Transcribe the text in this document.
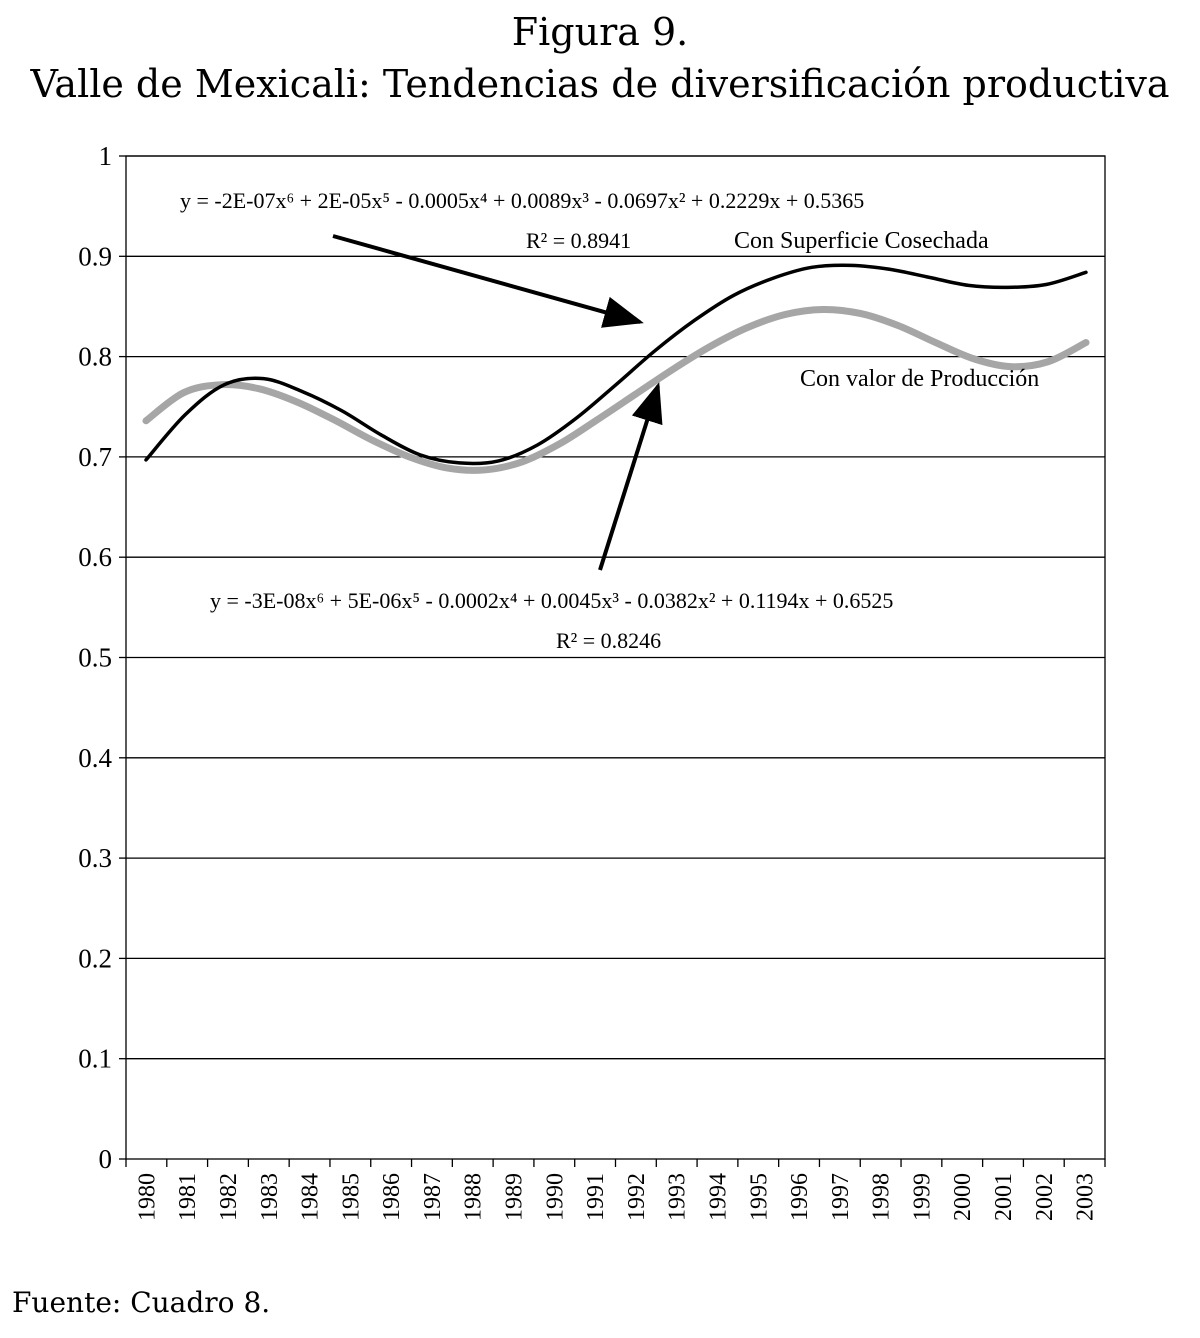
Figura 9.
Valle de Mexicali: Tendencias de diversificación productiva
0
0.1
0.2
0.3
0.4
0.5
0.6
0.7
0.8
0.9
1
1980 1981 1982 1983 1984 1985 1986 1987 1988 1989 1990 1991 1992 1993 1994 1995 1996 1997 1998 1999 2000 2001 2002 2003
y = -2E-07x⁶ + 2E-05x⁵ - 0.0005x⁴ + 0.0089x³ - 0.0697x² + 0.2229x + 0.5365
R² = 0.8941	Con Superficie Cosechada
Con valor de Producción
y = -3E-08x⁶ + 5E-06x⁵ - 0.0002x⁴ + 0.0045x³ - 0.0382x² + 0.1194x + 0.6525
R² = 0.8246
Fuente: Cuadro 8.
